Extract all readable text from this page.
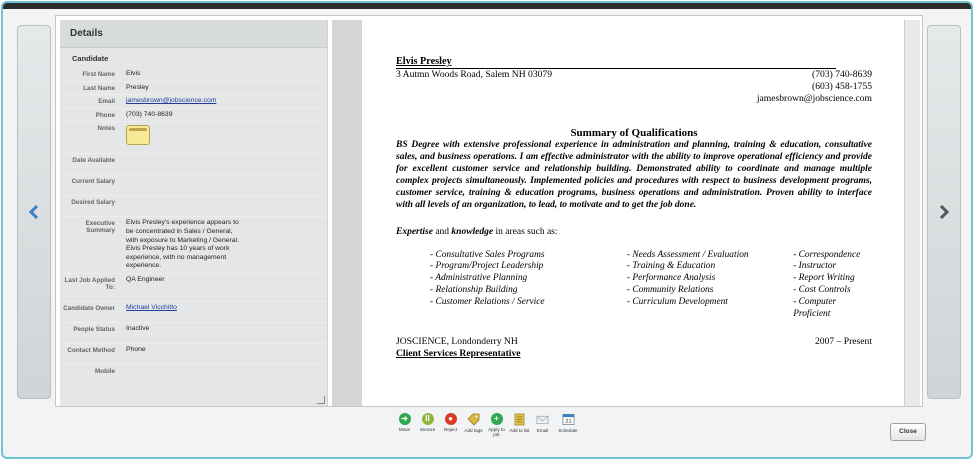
Details
Candidate
First Name Elvis
Last Name Presley
Email jamesbrown@jobscience.com
Phone (703) 740-8639
Notes
Date Available
Current Salary
Desired Salary
Executive Summary
Elvis Presley's experience appears to be concentrated in Sales / General, with exposure to Marketing / General. Elvis Presley has 10 years of work experience, with no management experience.
Last Job Applied To:
QA Engineer
Candidate Owner Michael Vicchitto
People Status Inactive
Contact Method Phone
Mobile
Elvis Presley
3 Autmn Woods Road, Salem NH 03079	(703) 740-8639
(603) 458-1755
jamesbrown@jobscience.com
Summary of Qualifications
BS Degree with extensive professional experience in administration and planning, training & education, consultative sales, and business operations. I am effective administrator with the ability to improve operational efficiency and provide for excellent customer service and relationship building. Demonstrated ability to coordinate and manage multiple complex projects simultaneously. Implemented policies and procedures with respect to business development programs, customer service, training & education programs, business operations and administration. Proven ability to interface with all levels of an organization, to lead, to motivate and to get the job done.
Expertise and knowledge in areas such as:
- Consultative Sales Programs
- Program/Project Leadership
- Administrative Planning
- Relationship Building
- Customer Relations / Service
- Needs Assessment / Evaluation
- Training & Education
- Performance Analysis
- Community Relations
- Curriculum Development
- Correspondence
- Instructor
- Report Writing
- Cost Controls
- Computer Proficient
JOSCIENCE, Londonderry NH	2007 – Present
Client Services Representative
➜
Move
II
Snooze
●
Reject Add tags
+
Apply to job
Add to list Email
21
Schedule	Close
